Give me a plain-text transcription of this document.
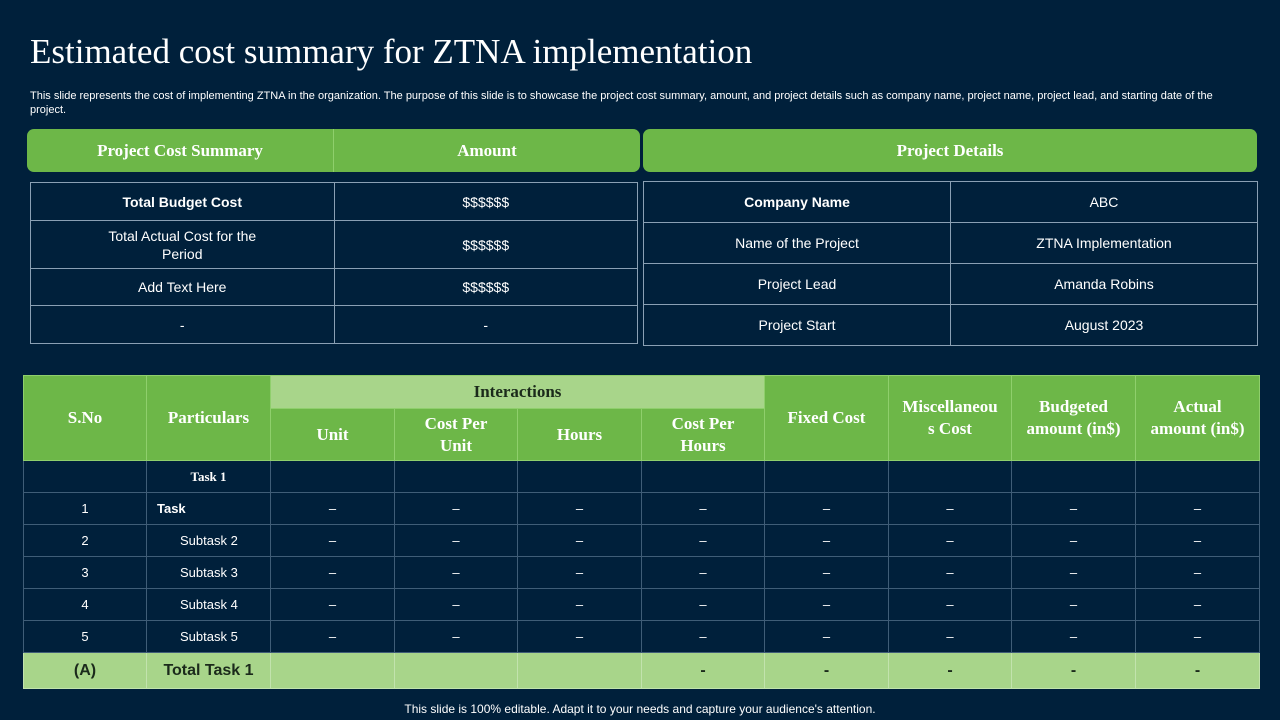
Estimated cost summary for ZTNA implementation

This slide represents the cost of implementing ZTNA in the organization. The purpose of this slide is to showcase the project cost summary, amount, and project details such as company name, project name, project lead, and starting date of the project.

Project Cost Summary	Amount	Project Details
Total Budget Cost	$$$$$$
Total Actual Cost for the Period	$$$$$$
Add Text Here	$$$$$$
-	-
Company Name	ABC
Name of the Project	ZTNA Implementation
Project Lead	Amanda Robins
Project Start	August 2023
S.No	Particulars	Interactions				Fixed Cost	Miscellaneous Cost	Budgeted amount (in$)	Actual amount (in$)
		Unit	Cost Per Unit	Hours	Cost Per Hours				
	Task 1								
1	Task	–	–	–	–	–	–	–	–
2	Subtask 2	–	–	–	–	–	–	–	–
3	Subtask 3	–	–	–	–	–	–	–	–
4	Subtask 4	–	–	–	–	–	–	–	–
5	Subtask 5	–	–	–	–	–	–	–	–
(A)	Total Task 1				-	-	-	-	-
This slide is 100% editable. Adapt it to your needs and capture your audience's attention.
